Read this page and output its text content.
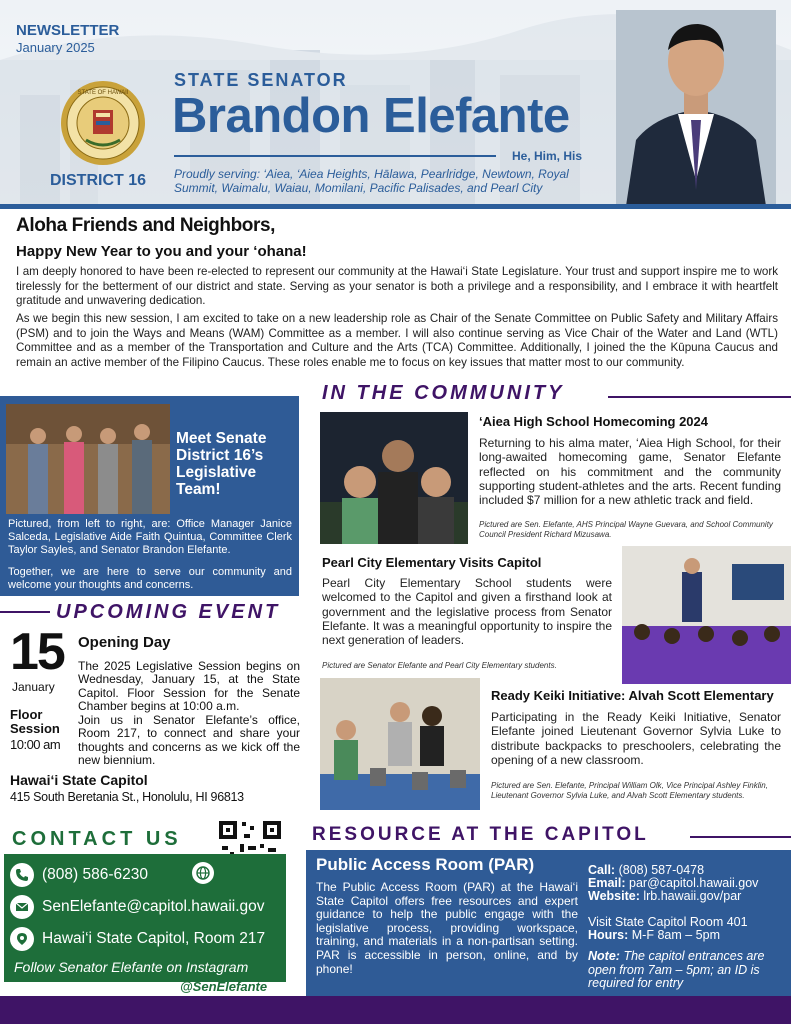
NEWSLETTER
January 2025
STATE OF HAWAII
DISTRICT 16
STATE SENATOR
Brandon Elefante
He, Him, His
Proudly serving: ‘Aiea, ‘Aiea Heights, Hālawa, Pearlridge, Newtown, Royal Summit, Waimalu, Waiau, Momilani, Pacific Palisades, and Pearl City
Aloha Friends and Neighbors,
Happy New Year to you and your ‘ohana!
I am deeply honored to have been re-elected to represent our community at the Hawai‘i State Legislature. Your trust and support inspire me to work tirelessly for the betterment of our district and state. Serving as your senator is both a privilege and a responsibility, and I embrace it with heartfelt gratitude and unwavering dedication.
As we begin this new session, I am excited to take on a new leadership role as Chair of the Senate Committee on Public Safety and Military Affairs (PSM) and to join the Ways and Means (WAM) Committee as a member. I will also continue serving as Vice Chair of the Water and Land (WTL) Committee and as a member of the Transportation and Culture and the Arts (TCA) Committee. Additionally, I joined the the Kūpuna Caucus and remain an active member of the Filipino Caucus. These roles enable me to focus on key issues that matter most to our community.
Meet Senate District 16’s Legislative Team!
Pictured, from left to right, are: Office Manager Janice Salceda, Legislative Aide Faith Quintua, Committee Clerk Taylor Sayles, and Senator Brandon Elefante.
Together, we are here to serve our community and welcome your thoughts and concerns.
IN THE COMMUNITY
‘Aiea High School Homecoming 2024
Returning to his alma mater, ‘Aiea High School, for their long-awaited homecoming game, Senator Elefante reflected on his commitment and the community supporting student-athletes and the arts. Recent funding included $7 million for a new athletic track and field.
Pictured are Sen. Elefante, AHS Principal Wayne Guevara, and School Community Council President Richard Mizusawa.
Pearl City Elementary Visits Capitol
Pearl City Elementary School students were welcomed to the Capitol and given a firsthand look at government and the legislative process from Senator Elefante. It was a meaningful opportunity to inspire the next generation of leaders.
Pictured are Senator Elefante and Pearl City Elementary students.
Ready Keiki Initiative: Alvah Scott Elementary
Participating in the Ready Keiki Initiative, Senator Elefante joined Lieutenant Governor Sylvia Luke to distribute backpacks to preschoolers, celebrating the opening of a new classroom.
Pictured are Sen. Elefante, Principal William Olk, Vice Principal Ashley Finklin, Lieutenant Governor Sylvia Luke, and Alvah Scott Elementary students.
UPCOMING EVENT
15
January
Floor Session
10:00 am
Opening Day
The 2025 Legislative Session begins on Wednesday, January 15, at the State Capitol. Floor Session for the Senate Chamber begins at 10:00 a.m.
Join us in Senator Elefante’s office, Room 217, to connect and share your thoughts and concerns as we kick off the new biennium.
Hawai‘i State Capitol
415 South Beretania St., Honolulu, HI 96813
CONTACT US
(808) 586-6230
SenElefante@capitol.hawaii.gov
Hawai‘i State Capitol, Room 217
Follow Senator Elefante on Instagram
@SenElefante
RESOURCE AT THE CAPITOL
Public Access Room (PAR)
The Public Access Room (PAR) at the Hawai‘i State Capitol offers free resources and expert guidance to help the public engage with the legislative process, providing workspace, training, and materials in a non-partisan setting. PAR is accessible in person, online, and by phone!
Call: (808) 587-0478
Email: par@capitol.hawaii.gov
Website: lrb.hawaii.gov/par
Visit State Capitol Room 401
Hours: M-F 8am – 5pm
Note: The capitol entrances are open from 7am – 5pm; an ID is required for entry
